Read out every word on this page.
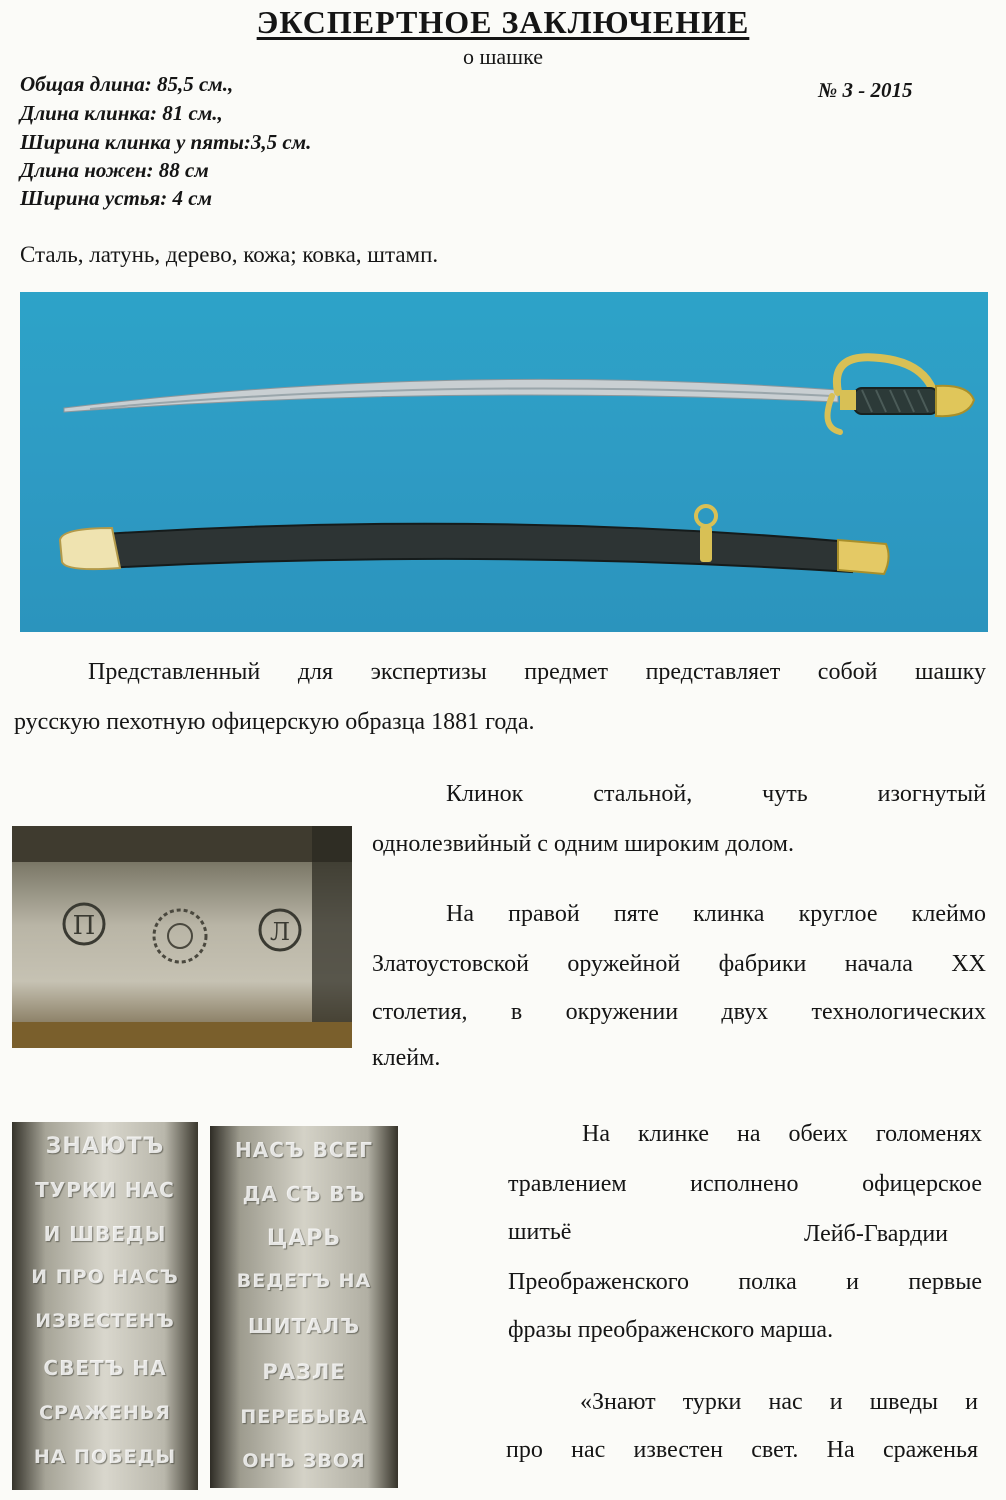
ЭКСПЕРТНОЕ ЗАКЛЮЧЕНИЕ
о шашке
Общая длина: 85,5 см.,
Длина клинка: 81 см.,
Ширина клинка у пяты:3,5 см.
Длина ножен: 88 см
Ширина устья: 4 см
№ 3 - 2015
Сталь, латунь, дерево, кожа; ковка, штамп.
Представленный для экспертизы предмет представляет собой шашку
русскую пехотную офицерскую образца 1881 года.
Клинок стальной, чуть изогнутый
однолезвийный с одним широким долом.
П	Л
На правой пяте клинка круглое клеймо
Златоустовской оружейной фабрики начала XX
столетия, в окружении двух технологических
клейм.
ЗНАЮТЪ
ТУРКИ НАС
И ШВЕДЫ
И ПРО НАСЪ
ИЗВЕСТЕНЪ
СВЕТЪ НА
СРАЖЕНЬЯ
НА ПОБЕДЫ
НАСЪ ВСЕГ
ДА СЪ ВЪ
ЦАРЬ
ВЕДЕТЪ НА
ШИТАЛЪ
РАЗЛЕ
ПЕРЕБЫВА
ОНЪ ЗВОЯ
На клинке на обеих голоменях
травлением исполнено офицерское
шитьё	Лейб-Гвардии
Преображенского полка и первые
фразы преображенского марша.
«Знают турки нас и шведы и
про нас известен свет. На сраженья
